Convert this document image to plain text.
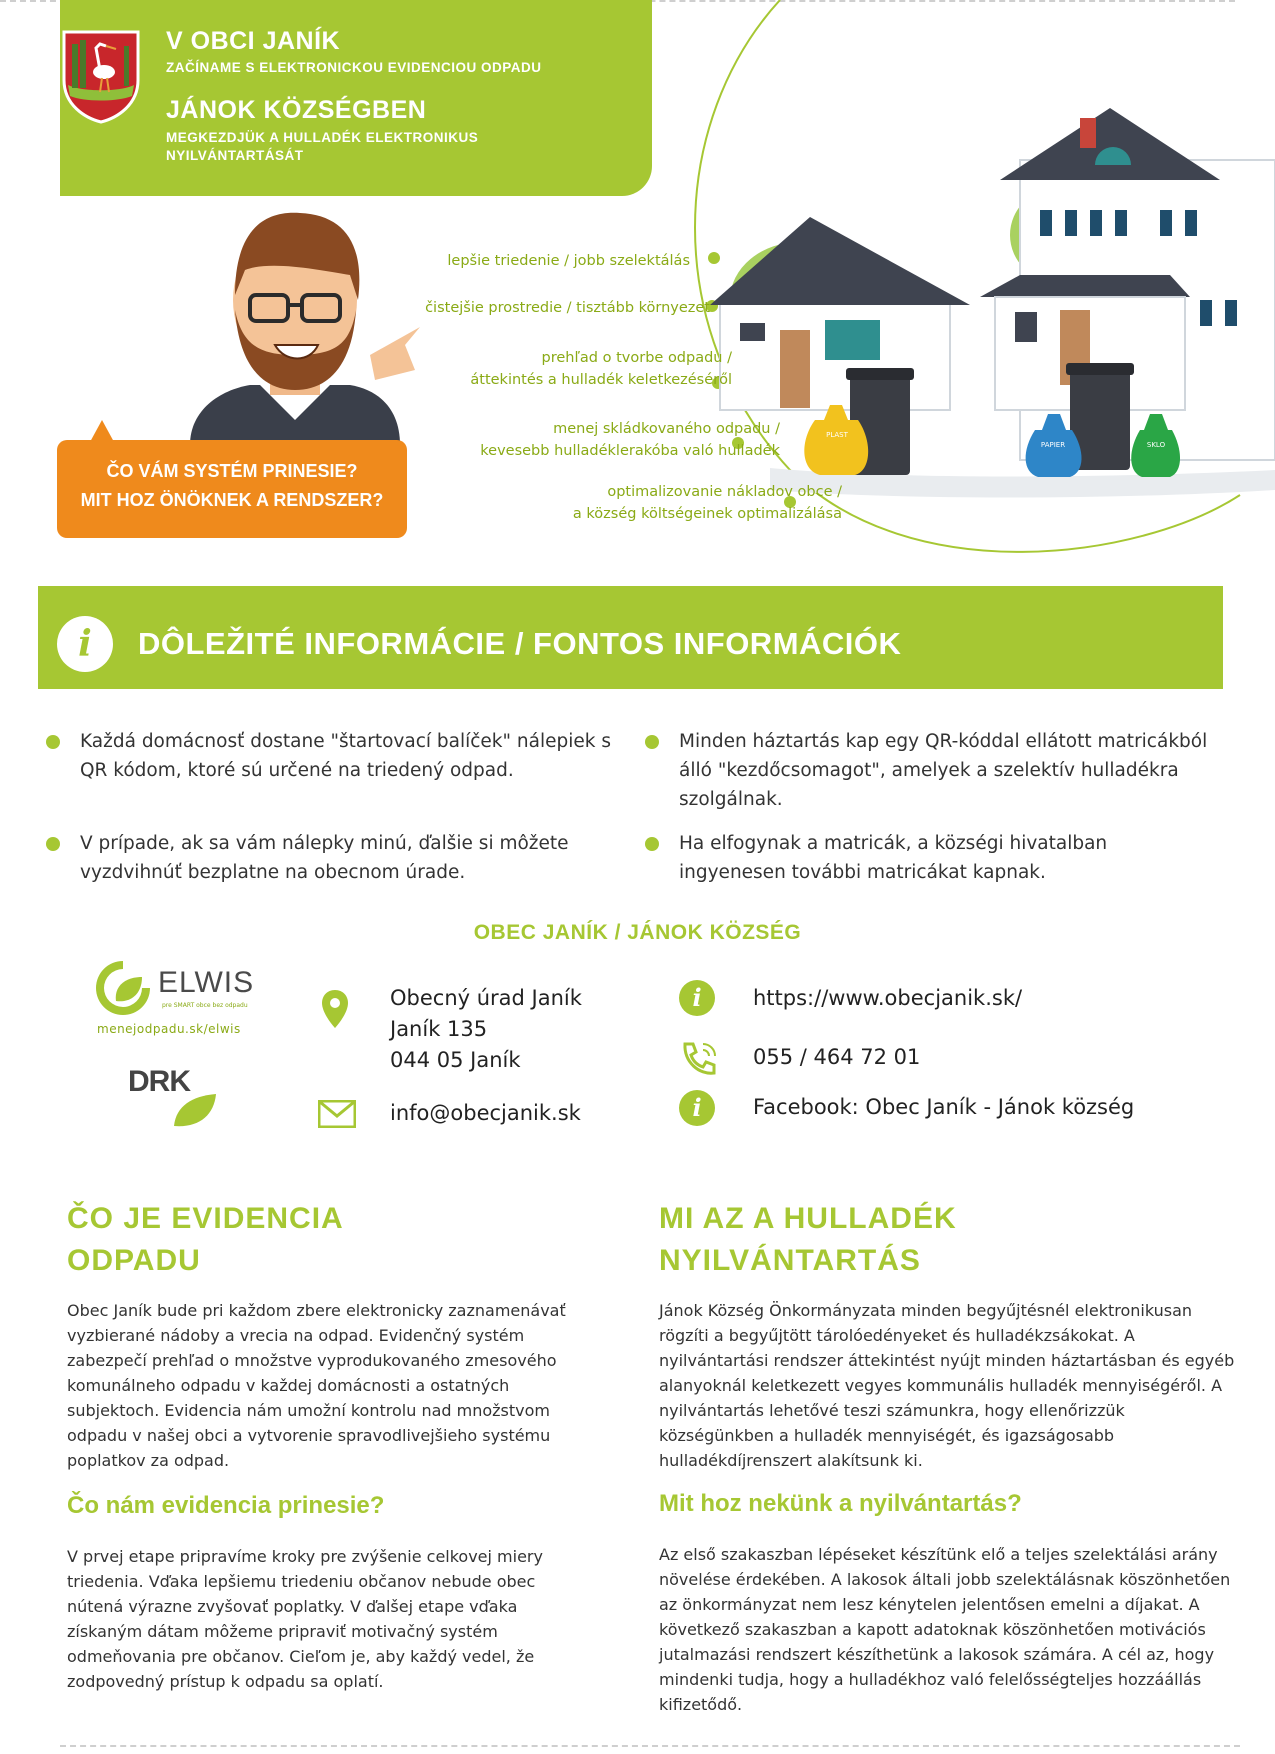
V OBCI JANÍK
ZAČÍNAME S ELEKTRONICKOU EVIDENCIOU ODPADU
JÁNOK KÖZSÉGBEN
MEGKEZDJÜK A HULLADÉK ELEKTRONIKUS NYILVÁNTARTÁSÁT
PLAST
PAPIER	SKLO
ČO VÁM SYSTÉM PRINESIE?
MIT HOZ ÖNÖKNEK A RENDSZER?
lepšie triedenie / jobb szelektálás
čistejšie prostredie / tisztább környezet
prehľad o tvorbe odpadu /
áttekintés a hulladék keletkezéséről
menej skládkovaného odpadu /
kevesebb hulladéklerakóba való hulladék
optimalizovanie nákladov obce /
a község költségeinek optimalizálása
i	DÔLEŽITÉ INFORMÁCIE / FONTOS INFORMÁCIÓK
Každá domácnosť dostane "štartovací balíček" nálepiek s QR kódom, ktoré sú určené na triedený odpad.
V prípade, ak sa vám nálepky minú, ďalšie si môžete vyzdvihnúť bezplatne na obecnom úrade.
Minden háztartás kap egy QR-kóddal ellátott matricákból álló "kezdőcsomagot", amelyek a szelektív hulladékra szolgálnak.
Ha elfogynak a matricák, a községi hivatalban ingyenesen további matricákat kapnak.
OBEC JANÍK / JÁNOK KÖZSÉG
ELWIS
pre SMART obce bez odpadu
menejodpadu.sk/elwis
DRK
Obecný úrad Janík
Janík 135
044 05 Janík
info@obecjanik.sk
i	https://www.obecjanik.sk/
055 / 464 72 01
i	Facebook: Obec Janík - Jánok község
ČO JE EVIDENCIA
ODPADU
Obec Janík bude pri každom zbere elektronicky zaznamenávať vyzbierané nádoby a vrecia na odpad. Evidenčný systém zabezpečí prehľad o množstve vyprodukovaného zmesového komunálneho odpadu v každej domácnosti a ostatných subjektoch. Evidencia nám umožní kontrolu nad množstvom odpadu v našej obci a vytvorenie spravodlivejšieho systému poplatkov za odpad.
Čo nám evidencia prinesie?
V prvej etape pripravíme kroky pre zvýšenie celkovej miery triedenia. Vďaka lepšiemu triedeniu občanov nebude obec nútená výrazne zvyšovať poplatky. V ďalšej etape vďaka získaným dátam môžeme pripraviť motivačný systém odmeňovania pre občanov. Cieľom je, aby každý vedel, že zodpovedný prístup k odpadu sa oplatí.
MI AZ A HULLADÉK
NYILVÁNTARTÁS
Jánok Község Önkormányzata minden begyűjtésnél elektronikusan rögzíti a begyűjtött tárolóedényeket és hulladékzsákokat. A nyilvántartási rendszer áttekintést nyújt minden háztartásban és egyéb alanyoknál keletkezett vegyes kommunális hulladék mennyiségéről. A nyilvántartás lehetővé teszi számunkra, hogy ellenőrizzük községünkben a hulladék mennyiségét, és igazságosabb hulladékdíjrenszert alakítsunk ki.
Mit hoz nekünk a nyilvántartás?
Az első szakaszban lépéseket készítünk elő a teljes szelektálási arány növelése érdekében. A lakosok általi jobb szelektálásnak köszönhetően az önkormányzat nem lesz kénytelen jelentősen emelni a díjakat. A következő szakaszban a kapott adatoknak köszönhetően motivációs jutalmazási rendszert készíthetünk a lakosok számára. A cél az, hogy mindenki tudja, hogy a hulladékhoz való felelősségteljes hozzáállás kifizetődő.
